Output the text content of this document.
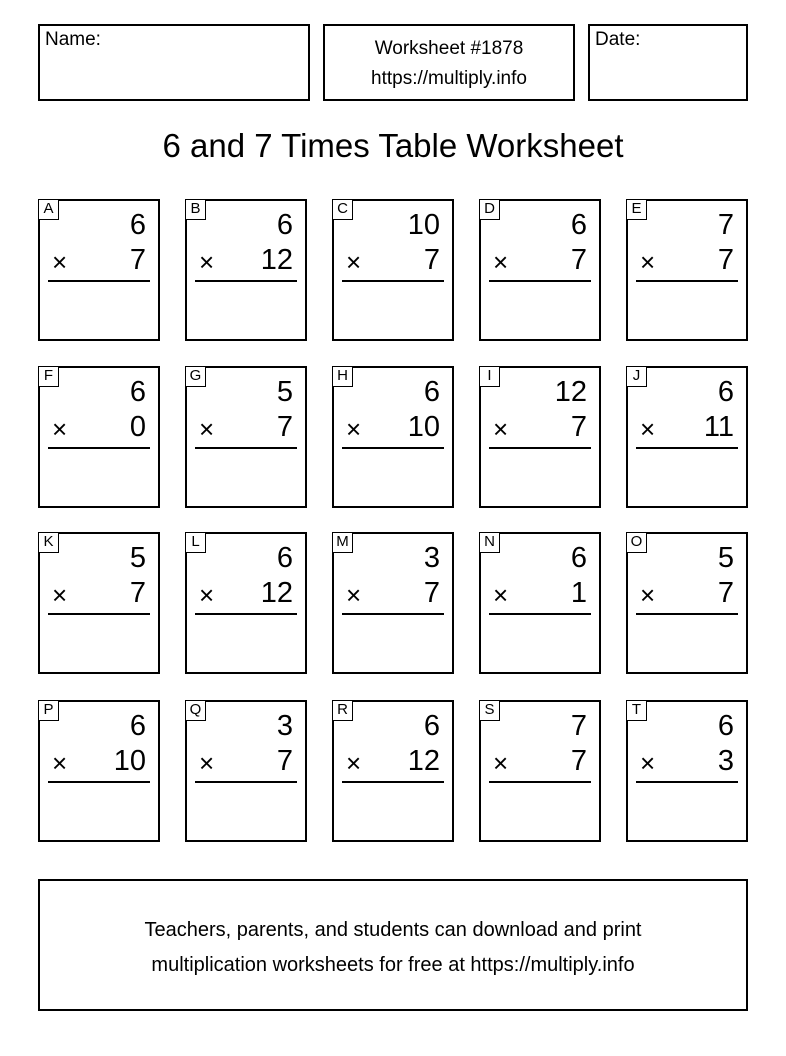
Name:	Worksheet #1878
https://multiply.info
Date:
6 and 7 Times Table Worksheet
A
6
× 7
B
6
× 12
C
10
× 7
D
6
× 7
E
7
× 7
F
6
× 0
G
5
× 7
H
6
× 10
I
12
× 7
J
6
× 11
K
5
× 7
L
6
× 12
M
3
× 7
N
6
× 1
O
5
× 7
P
6
× 10
Q
3
× 7
R
6
× 12
S
7
× 7
T
6
× 3
Teachers, parents, and students can download and print
multiplication worksheets for free at https://multiply.info
